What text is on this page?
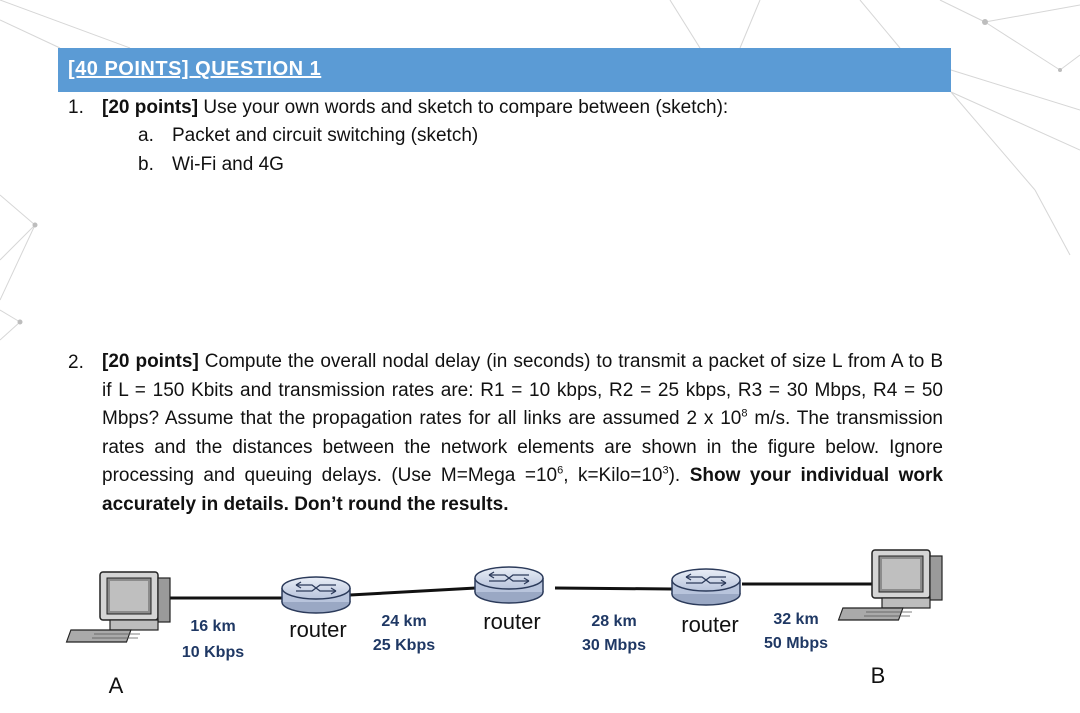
[40 POINTS] QUESTION 1
1. [20 points] Use your own words and sketch to compare between (sketch):
a. Packet and circuit switching (sketch)
b. Wi-Fi and 4G
2. [20 points] Compute the overall nodal delay (in seconds) to transmit a packet of size L from A to B if L = 150 Kbits and transmission rates are: R1 = 10 kbps, R2 = 25 kbps, R3 = 30 Mbps, R4 = 50 Mbps? Assume that the propagation rates for all links are assumed 2 x $10^8$ m/s. The transmission rates and the distances between the network elements are shown in the figure below. Ignore processing and queuing delays. (Use M=Mega $=10^6$, $k=Kilo=10^3$). Show your individual work accurately in details. Don’t round the results.
router	router	router
16 km
10 Kbps
24 km
25 Kbps
28 km
30 Mbps
32 km
50 Mbps
A	B
